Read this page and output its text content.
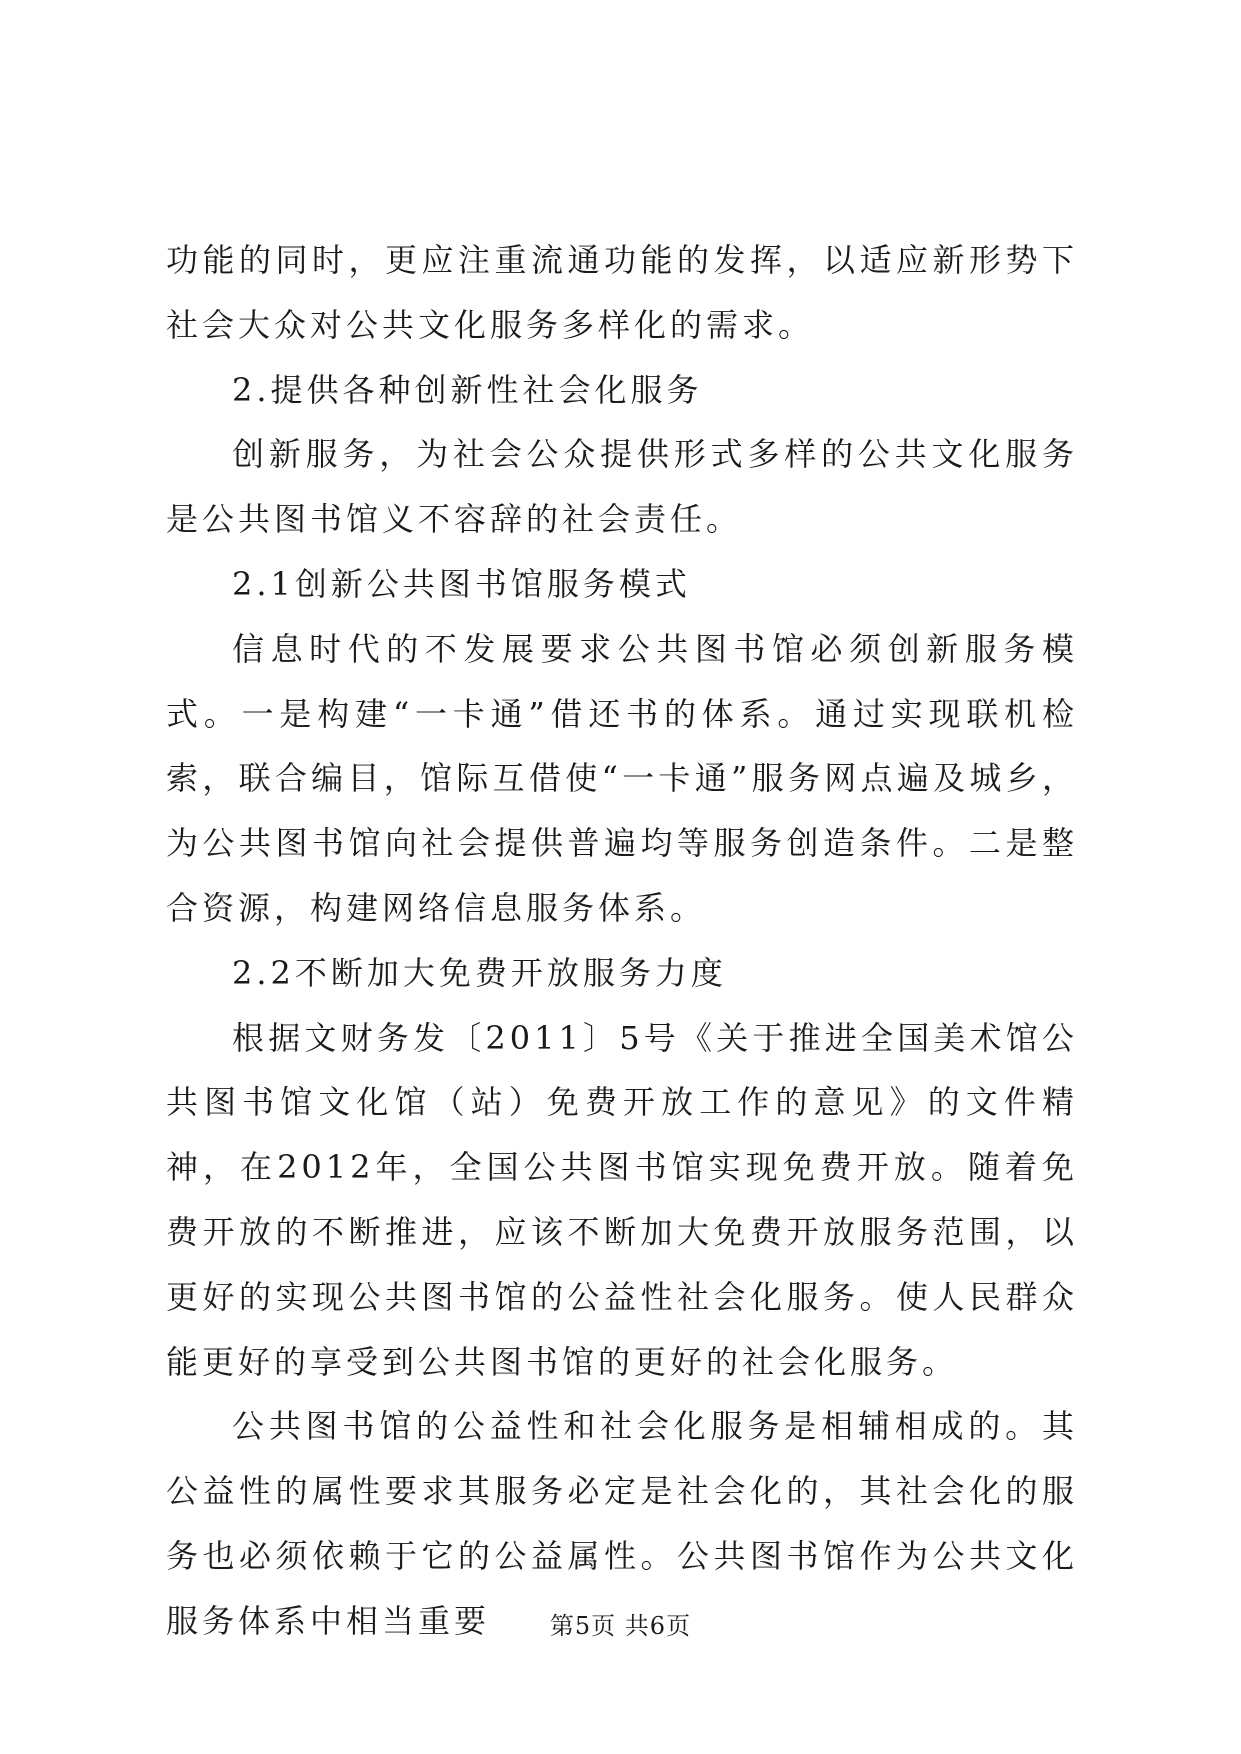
功能的同时，更应注重流通功能的发挥，以适应新形势下社会大众对公共文化服务多样化的需求。

2.提供各种创新性社会化服务

创新服务，为社会公众提供形式多样的公共文化服务是公共图书馆义不容辞的社会责任。

2.1创新公共图书馆服务模式

信息时代的不发展要求公共图书馆必须创新服务模式。一是构建“一卡通”借还书的体系。通过实现联机检索，联合编目，馆际互借使“一卡通”服务网点遍及城乡，为公共图书馆向社会提供普遍均等服务创造条件。二是整合资源，构建网络信息服务体系。

2.2不断加大免费开放服务力度

根据文财务发〔2011〕5号《关于推进全国美术馆公共图书馆文化馆（站）免费开放工作的意见》的文件精神，在2012年，全国公共图书馆实现免费开放。随着免费开放的不断推进，应该不断加大免费开放服务范围，以更好的实现公共图书馆的公益性社会化服务。使人民群众能更好的享受到公共图书馆的更好的社会化服务。

公共图书馆的公益性和社会化服务是相辅相成的。其公益性的属性要求其服务必定是社会化的，其社会化的服务也必须依赖于它的公益属性。公共图书馆作为公共文化服务体系中相当重要	第5页 共6页
